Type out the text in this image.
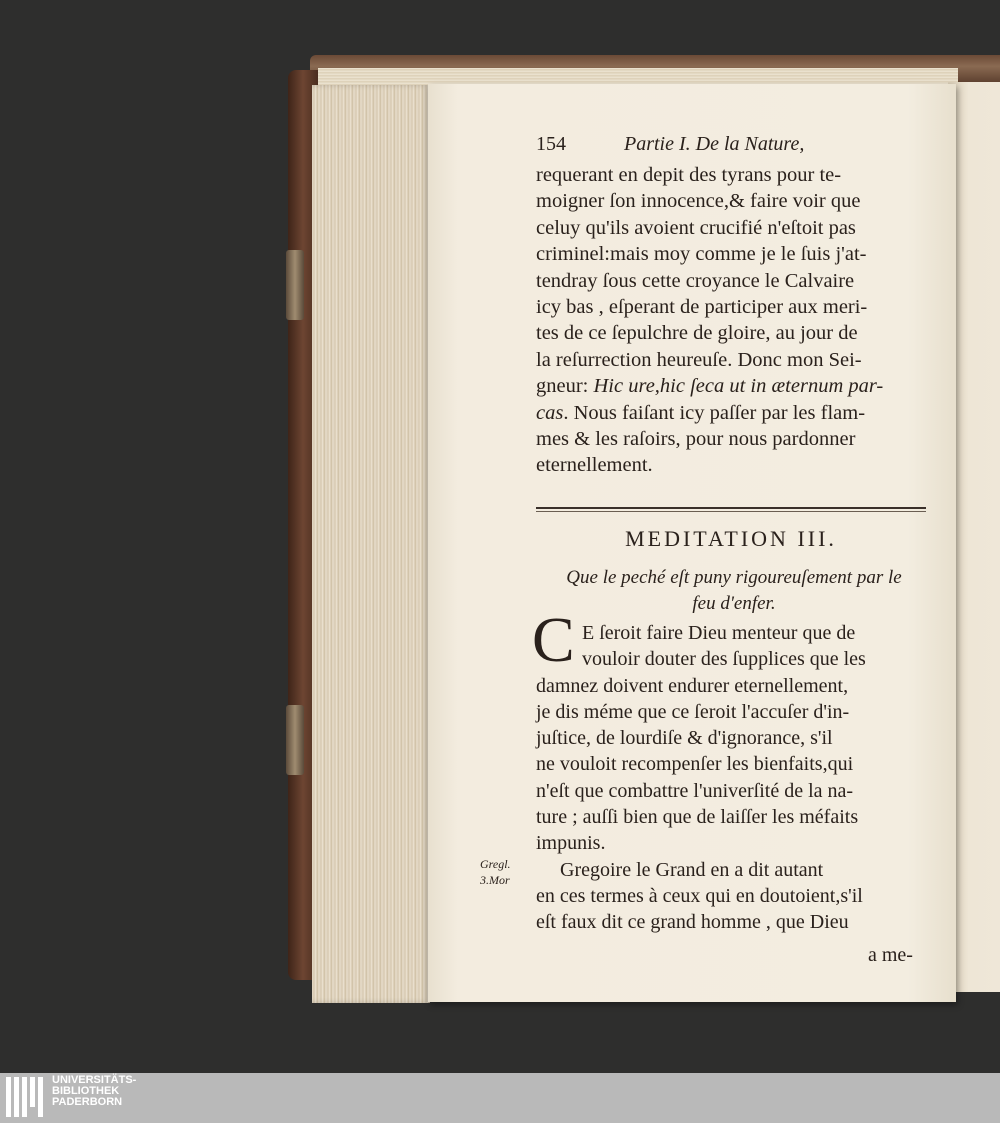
154	Partie I. De la Nature,
requerant en depit des tyrans pour te-
moigner ſon innocence,& faire voir que
celuy qu'ils avoient crucifié n'eſtoit pas
criminel:mais moy comme je le ſuis j'at-
tendray ſous cette croyance le Calvaire
icy bas , eſperant de participer aux meri-
tes de ce ſepulchre de gloire, au jour de
la reſurrection heureuſe. Donc mon Sei-
gneur: Hic ure,hic ſeca ut in æternum par-
cas. Nous faiſant icy paſſer par les flam-
mes & les raſoirs, pour nous pardonner
eternellement.
MEDITATION III.
Que le peché eſt puny rigoureuſement par le
feu d'enfer.
C E ſeroit faire Dieu menteur que de
vouloir douter des ſupplices que les
damnez doivent endurer eternellement,
je dis méme que ce ſeroit l'accuſer d'in-
juſtice, de lourdiſe & d'ignorance, s'il
ne vouloit recompenſer les bienfaits,qui
n'eſt que combattre l'univerſité de la na-
ture ; auſſi bien que de laiſſer les méfaits
impunis.
Gregoire le Grand en a dit autant
en ces termes à ceux qui en doutoient,s'il
eſt faux dit ce grand homme , que Dieu
Gregl.
3.Mor
a me-
UNIVERSITÄTS-
BIBLIOTHEK
PADERBORN
